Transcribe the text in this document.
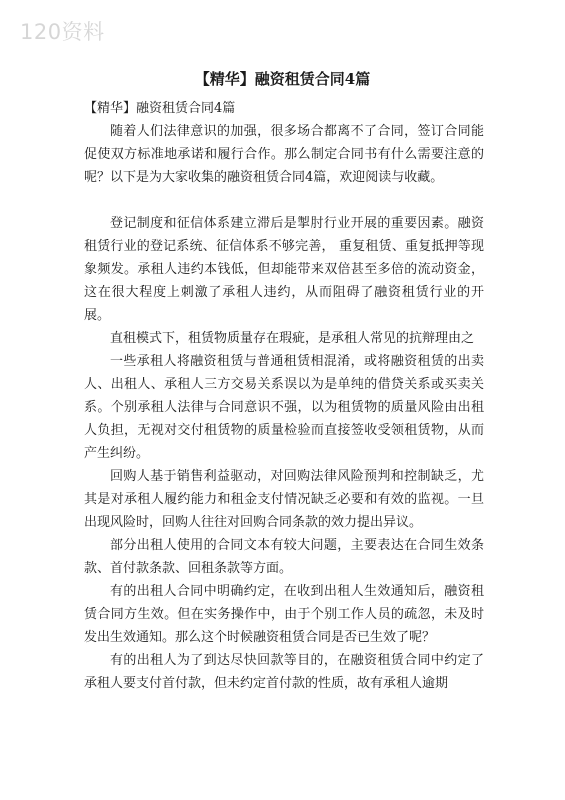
120资料
【精华】融资租赁合同4篇

【精华】融资租赁合同4篇

随着人们法律意识的加强，很多场合都离不了合同，签订合同能促使双方标准地承诺和履行合作。那么制定合同书有什么需要注意的呢？以下是为大家收集的融资租赁合同4篇，欢迎阅读与收藏。

登记制度和征信体系建立滞后是掣肘行业开展的重要因素。融资租赁行业的登记系统、征信体系不够完善， 重复租赁、重复抵押等现象频发。承租人违约本钱低，但却能带来双倍甚至多倍的流动资金，这在很大程度上刺激了承租人违约，从而阻碍了融资租赁行业的开展。

直租模式下，租赁物质量存在瑕疵，是承租人常见的抗辩理由之

一些承租人将融资租赁与普通租赁相混淆，或将融资租赁的出卖人、出租人、承租人三方交易关系误以为是单纯的借贷关系或买卖关系。个别承租人法律与合同意识不强，以为租赁物的质量风险由出租人负担，无视对交付租赁物的质量检验而直接签收受领租赁物，从而产生纠纷。

回购人基于销售利益驱动，对回购法律风险预判和控制缺乏，尤其是对承租人履约能力和租金支付情况缺乏必要和有效的监视。一旦出现风险时，回购人往往对回购合同条款的效力提出异议。

部分出租人使用的合同文本有较大问题，主要表达在合同生效条款、首付款条款、回租条款等方面。

有的出租人合同中明确约定，在收到出租人生效通知后，融资租赁合同方生效。但在实务操作中，由于个别工作人员的疏忽，未及时发出生效通知。那么这个时候融资租赁合同是否已生效了呢？

有的出租人为了到达尽快回款等目的，在融资租赁合同中约定了承租人要支付首付款，但未约定首付款的性质，故有承租人逾期
